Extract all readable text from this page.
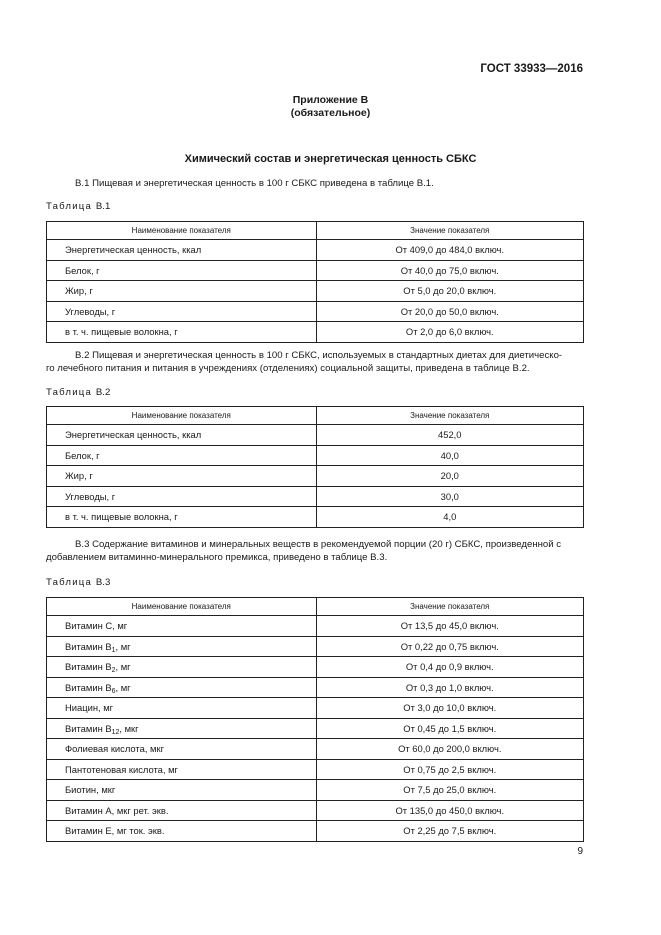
ГОСТ 33933—2016
Приложение В
(обязательное)
Химический состав и энергетическая ценность СБКС
В.1 Пищевая и энергетическая ценность в 100 г СБКС приведена в таблице В.1.
Таблица В.1
Наименование показателя	Значение показателя
Энергетическая ценность, ккал	От 409,0 до 484,0 включ.
Белок, г	От 40,0 до 75,0 включ.
Жир, г	От 5,0 до 20,0 включ.
Углеводы, г	От 20,0 до 50,0 включ.
в т. ч. пищевые волокна, г	От 2,0 до 6,0 включ.
В.2 Пищевая и энергетическая ценность в 100 г СБКС, используемых в стандартных диетах для диетическо-
го лечебного питания и питания в учреждениях (отделениях) социальной защиты, приведена в таблице В.2.
Таблица В.2
Наименование показателя	Значение показателя
Энергетическая ценность, ккал	452,0
Белок, г	40,0
Жир, г	20,0
Углеводы, г	30,0
в т. ч. пищевые волокна, г	4,0
В.3 Содержание витаминов и минеральных веществ в рекомендуемой порции (20 г) СБКС, произведенной с
добавлением витаминно-минерального премикса, приведено в таблице В.3.
Таблица В.3
Наименование показателя	Значение показателя
Витамин С, мг	От 13,5 до 45,0 включ.
Витамин $В_1$, мг	От 0,22 до 0,75 включ.
Витамин $В_2$, мг	От 0,4 до 0,9 включ.
Витамин $В_6$, мг	От 0,3 до 1,0 включ.
Ниацин, мг	От 3,0 до 10,0 включ.
Витамин $В_{12}$, мкг	От 0,45 до 1,5 включ.
Фолиевая кислота, мкг	От 60,0 до 200,0 включ.
Пантотеновая кислота, мг	От 0,75 до 2,5 включ.
Биотин, мкг	От 7,5 до 25,0 включ.
Витамин А, мкг рет. экв.	От 135,0 до 450,0 включ.
Витамин Е, мг ток. экв.	От 2,25 до 7,5 включ.
9
